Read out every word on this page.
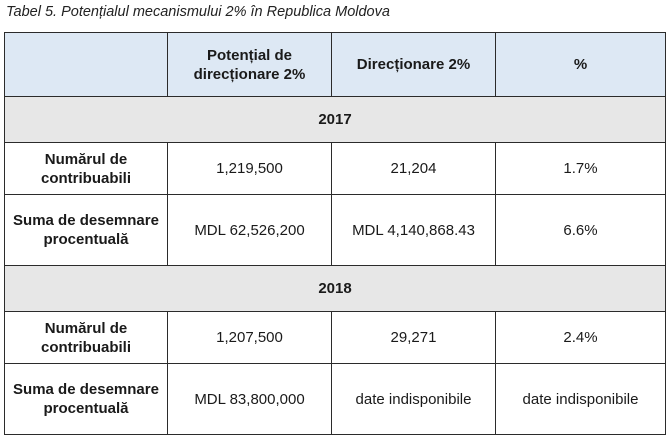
Tabel 5. Potențialul mecanismului 2% în Republica Moldova
	Potențial de direcționare 2%	Direcționare 2%	%
2017			
Numărul de contribuabili	1,219,500	21,204	1.7%
Suma de desemnare procentuală	MDL 62,526,200	MDL 4,140,868.43	6.6%
2018			
Numărul de contribuabili	1,207,500	29,271	2.4%
Suma de desemnare procentuală	MDL 83,800,000	date indisponibile	date indisponibile
